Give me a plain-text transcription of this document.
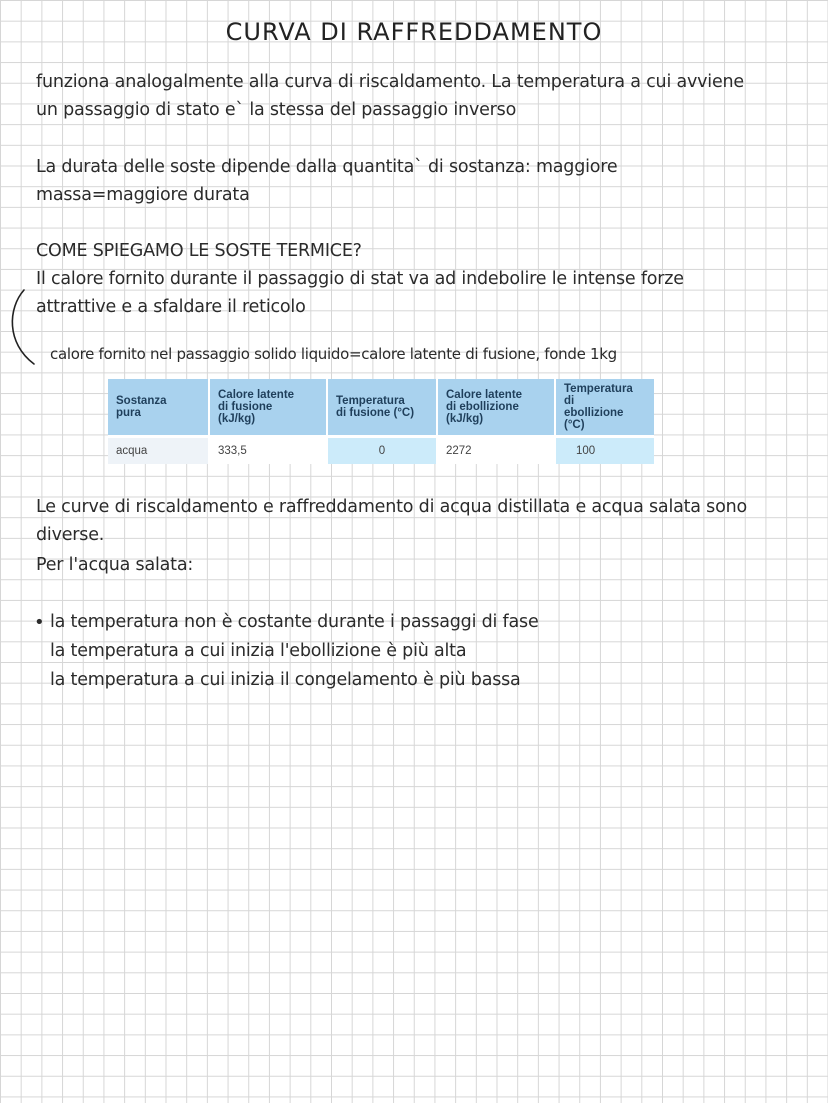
CURVA DI RAFFREDDAMENTO
funziona analogalmente alla curva di riscaldamento. La temperatura a cui avviene
un passaggio di stato e` la stessa del passaggio inverso
La durata delle soste dipende dalla quantita` di sostanza: maggiore
massa=maggiore durata
COME SPIEGAMO LE SOSTE TERMICE?
Il calore fornito durante il passaggio di stat va ad indebolire le intense forze
attrattive e a sfaldare il reticolo
calore fornito nel passaggio solido liquido=calore latente di fusione, fonde 1kg
Sostanza
pura	Calore latente
di fusione
(kJ/kg)	Temperatura
di fusione (°C)	Calore latente
di ebollizione
(kJ/kg)	Temperatura di
ebollizione (°C)
acqua	333,5	0	2272	100
Le curve di riscaldamento e raffreddamento di acqua distillata e acqua salata sono
diverse.
Per l'acqua salata:
• la temperatura non è costante durante i passaggi di fase
la temperatura a cui inizia l'ebollizione è più alta
la temperatura a cui inizia il congelamento è più bassa
